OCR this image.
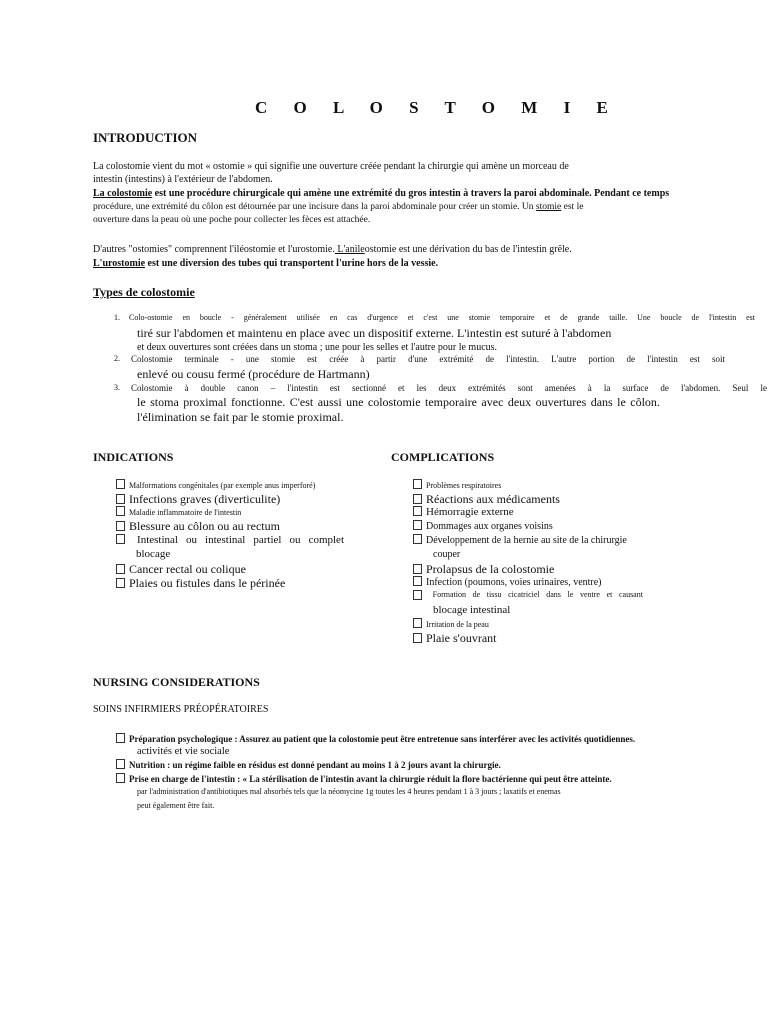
C O L O S T O M I E
INTRODUCTION
La colostomie vient du mot « ostomie » qui signifie une ouverture créée pendant la chirurgie qui amène un morceau de
intestin (intestins) à l'extérieur de l'abdomen.
La colostomie est une procédure chirurgicale qui amène une extrémité du gros intestin à travers la paroi abdominale. Pendant ce temps
procédure, une extrémité du côlon est détournée par une incisure dans la paroi abdominale pour créer un stomie. Un stomie est le
ouverture dans la peau où une poche pour collecter les fèces est attachée.
D'autres "ostomies" comprennent l'iléostomie et l'urostomie. L'anileostomie est une dérivation du bas de l'intestin grêle.
L'urostomie est une diversion des tubes qui transportent l'urine hors de la vessie.
Types de colostomie
1. Colo-ostomie en boucle - généralement utilisée en cas d'urgence et c'est une stomie temporaire et de grande taille. Une boucle de l'intestin est
tiré sur l'abdomen et maintenu en place avec un dispositif externe. L'intestin est suturé à l'abdomen
et deux ouvertures sont créées dans un stoma ; une pour les selles et l'autre pour le mucus.
2. Colostomie terminale - une stomie est créée à partir d'une extrémité de l'intestin. L'autre portion de l'intestin est soit
enlevé ou cousu fermé (procédure de Hartmann)
3. Colostomie à double canon – l'intestin est sectionné et les deux extrémités sont amenées à la surface de l'abdomen. Seul le
le stoma proximal fonctionne. C'est aussi une colostomie temporaire avec deux ouvertures dans le côlon.
l'élimination se fait par le stomie proximal.
INDICATIONS
Malformations congénitales (par exemple anus imperforé)
Infections graves (diverticulite)
Maladie inflammatoire de l'intestin
Blessure au côlon ou au rectum
Intestinal ou intestinal partiel ou complet
blocage
Cancer rectal ou colique
Plaies ou fistules dans le périnée
COMPLICATIONS
Problèmes respiratoires
Réactions aux médicaments
Hémorragie externe
Dommages aux organes voisins
Développement de la hernie au site de la chirurgie
couper
Prolapsus de la colostomie
Infection (poumons, voies urinaires, ventre)
Formation de tissu cicatriciel dans le ventre et causant
blocage intestinal
Irritation de la peau
Plaie s'ouvrant
NURSING CONSIDERATIONS
SOINS INFIRMIERS PRÉOPÉRATOIRES
Préparation psychologique : Assurez au patient que la colostomie peut être entretenue sans interférer avec les activités quotidiennes.
activités et vie sociale
Nutrition : un régime faible en résidus est donné pendant au moins 1 à 2 jours avant la chirurgie.
Prise en charge de l'intestin : « La stérilisation de l'intestin avant la chirurgie réduit la flore bactérienne qui peut être atteinte.
par l'administration d'antibiotiques mal absorbés tels que la néomycine 1g toutes les 4 heures pendant 1 à 3 jours ; laxatifs et enemas
peut également être fait.
